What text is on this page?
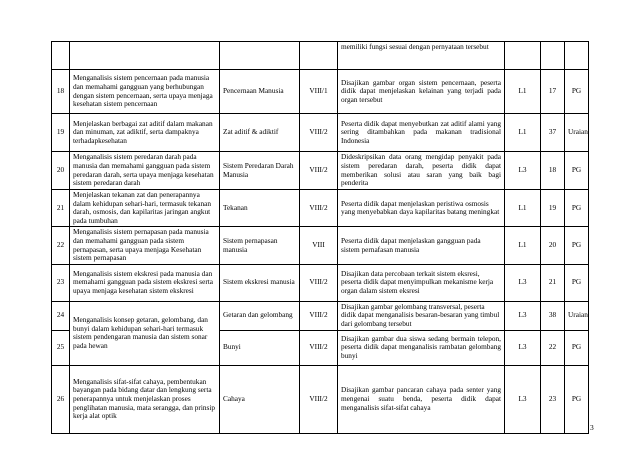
				memiliki fungsi sesuai dengan pernyataan tersebut			
18	Menganalisis sistem pencernaan pada manusia dan memahami gangguan yang berhubungan dengan sistem pencernaan, serta upaya menjaga kesehatan sistem pencernaan	Pencernaan Manusia	VIII/1	Disajikan gambar organ sistem pencernaan, peserta didik dapat menjelaskan kelainan yang terjadi pada organ tersebut	L1	17	PG
19	Menjelaskan berbagai zat aditif dalam makanan dan minuman, zat adiktif, serta dampaknya terhadapkesehatan	Zat aditif & adiktif	VIII/2	Peserta didik dapat menyebutkan zat aditif alami yang sering ditambahkan pada makanan tradisional Indonesia	L1	37	Uraian
20	Menganalisis sistem peredaran darah pada manusia dan memahami gangguan pada sistem peredaran darah, serta upaya menjaga kesehatan sistem peredaran darah	Sistem Peredaran Darah Manusia	VIII/2	Dideskripsikan data orang mengidap penyakit pada sistem peredaran darah, peserta didik dapat memberikan solusi atau saran yang baik bagi penderita	L3	18	PG
21	Menjelaskan tekanan zat dan penerapannya dalam kehidupan sehari-hari, termasuk tekanan darah, osmosis, dan kapilaritas jaringan angkut pada tumbuhan	Tekanan	VIII/2	Peserta didik dapat menjelaskan peristiwa osmosis yang menyebabkan daya kapilaritas batang meningkat	L1	19	PG
22	Menganalisis sistem pernapasan pada manusia dan memahami gangguan pada sistem pernapasan, serta upaya menjaga Kesehatan sistem pernapasan	Sistem pernapasan manusia	VIII	Peserta didik dapat menjelaskan gangguan pada sistem pernafasan manusia	L1	20	PG
23	Menganalisis sistem ekskresi pada manusia dan memahami gangguan pada sistem ekskresi serta upaya menjaga kesehatan sistem ekskresi	Sistem ekskresi manusia	VIII/2	Disajikan data percobaan terkait sistem eksresi, peserta didik dapat menyimpulkan mekanisme kerja organ dalam sistem eksresi	L3	21	PG
24	Menganalisis konsep getaran, gelombang, dan bunyi dalam kehidupan sehari-hari termasuk sistem pendengaran manusia dan sistem sonar pada hewan	Getaran dan gelombang	VIII/2	Disajikan gambar gelombang transversal, peserta didik dapat menganalisis besaran-besaran yang timbul dari gelombang tersebut	L3	38	Uraian
25		Bunyi	VIII/2	Disajikan gambar dua siswa sedang bermain telepon, peserta didik dapat menganalisis rambatan gelombang bunyi	L3	22	PG
26	Menganalisis sifat-sifat cahaya, pembentukan bayangan pada bidang datar dan lengkung serta penerapannya untuk menjelaskan proses penglihatan manusia, mata serangga, dan prinsip kerja alat optik	Cahaya	VIII/2	Disajikan gambar pancaran cahaya pada senter yang mengenai suatu benda, peserta didik dapat menganalisis sifat-sifat cahaya	L3	23	PG
3
